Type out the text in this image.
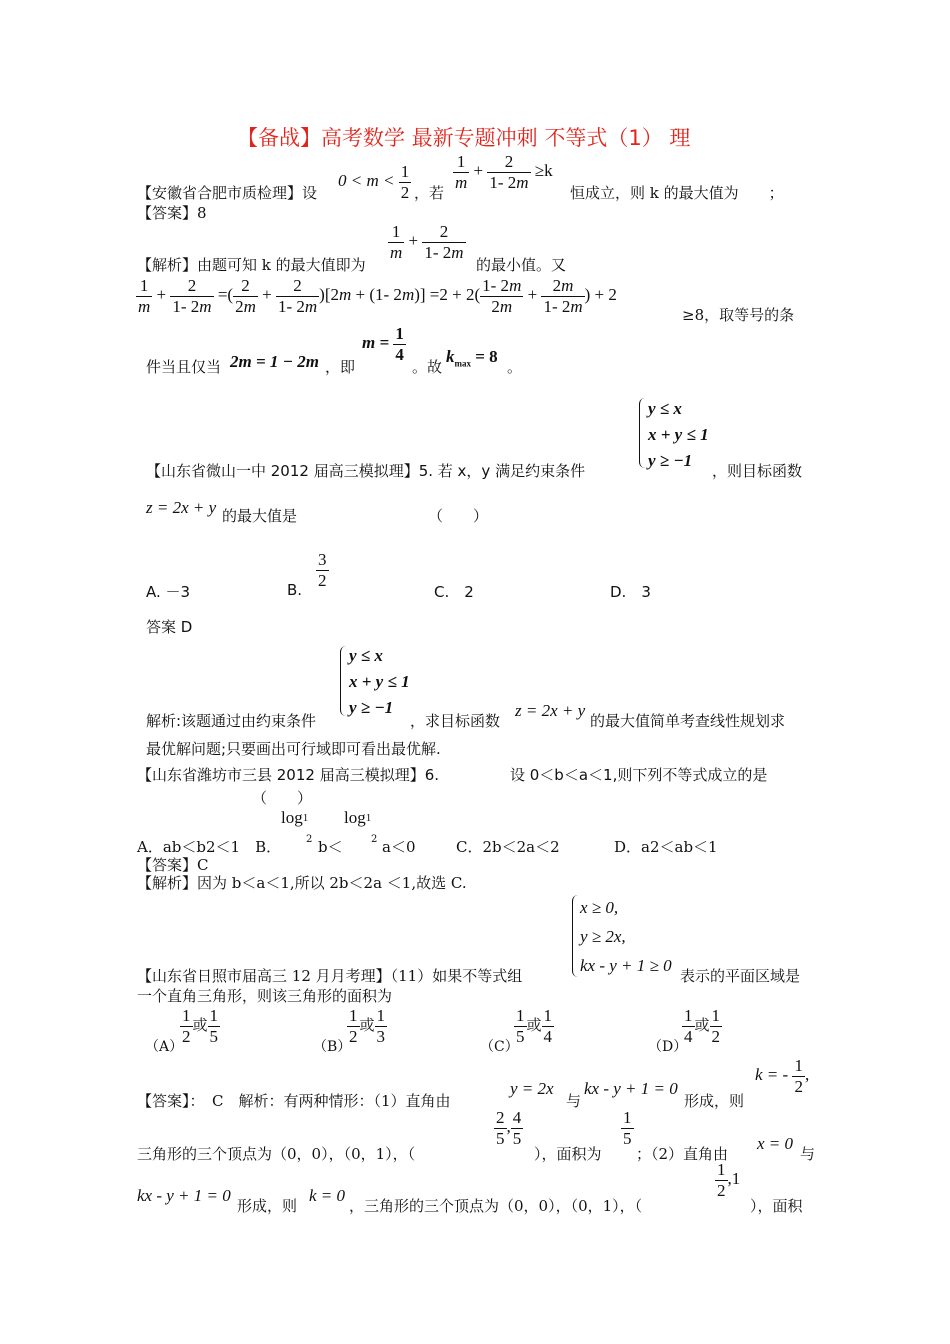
【备战】高考数学 最新专题冲刺 不等式（1） 理
$0 < m < \frac{1}{2} \frac{1}{m} + \frac{2}{1- 2m} \ge k$
【安徽省合肥市质检理】设	，若	恒成立，则 k 的最大值为　　；
【答案】8
$\frac{1}{m} + \frac{2}{1- 2m}$
【解析】由题可知 k 的最大值即为	的最小值。又
$\frac{1}{m} + \frac{2}{1- 2m}$ =( $\frac{2}{2m} + \frac{2}{1- 2m} )[2m + (1-$ $2m)] =2 + 2( \frac{1- 2m}{2m} + \frac{2m}{1- 2m}$ ) + 2
≥8，取等号的条
件当且仅当 2m = 1 − 2m ，即
$m = \frac{1}{4}$
。故
$k_{max} = 8$
。
y ≤ x
x + y ≤ 1
y ≥ −1
【山东省微山一中 2012 届高三模拟理】5. 若 x，y 满足约束条件	，则目标函数
z = 2x + y 的最大值是	（　　）
A. －3	B. $\frac{3}{2}$
C.　2	D.　3
答案 D
y ≤ x
x + y ≤ 1
y ≥ −1
解析:该题通过由约束条件	，求目标函数
z = 2x + y
的最大值简单考查线性规划求
最优解问题;只要画出可行域即可看出最优解.
【山东省潍坊市三县 2012 届高三模拟理】6.	设 0＜b＜a＜1,则下列不等式成立的是
（　　）
$\log_1 \log_1$
2	2
A．ab＜b2＜1　B． b＜	a＜0	C．2b＜2a＜2	D．a2＜ab＜1
【答案】C
【解析】因为 b＜a＜1,所以 2b＜2a ＜1,故选 C.
x ≥ 0,
y ≥ 2x,
kx - y + 1 ≥ 0
【山东省日照市届高三 12 月月考理】（11）如果不等式组	表示的平面区域是
一个直角三角形，则该三角形的面积为
（A）
$\frac{1}{2}$ 或 $\frac{1}{5}$
（B）
$\frac{1}{2}$ 或 $\frac{1}{3}$
（C）
$\frac{1}{5}$ 或 $\frac{1}{4}$
（D）
$\frac{1}{4}$ 或 $\frac{1}{2}$
【答案】：　C　解析：有两种情形：（1）直角由
y = 2x
与
kx - y + 1 = 0
形成，则
k = - $\frac{1}{2}$ ,
三角形的三个顶点为（0，0），（0，1），（
$\frac{2}{5}$ , $\frac{4}{5}$
），面积为
$\frac{1}{5}$
；（2）直角由
x = 0
与
kx - y + 1 = 0
形成，则
k = 0
，三角形的三个顶点为（0，0），（0，1），（
$\frac{1}{2} ,1$
），面积
